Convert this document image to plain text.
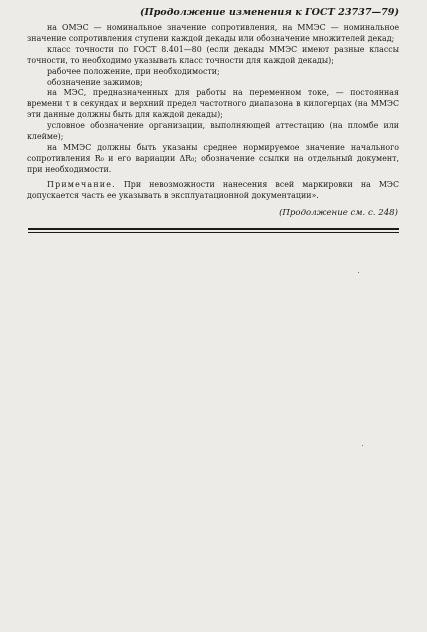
(Продолжение изменения к ГОСТ 23737—79)

на ОМЭС — номинальное значение сопротивления, на ММЭС — номинальное значение сопротивления ступени каждой декады или обозначение множителей декад;

класс точности по ГОСТ 8.401—80 (если декады ММЭС имеют разные классы точности, то необходимо указывать класс точности для каждой декады);

рабочее положение, при необходимости;

обозначение зажимов;

на МЭС, предназначенных для работы на переменном токе, — постоянная времени τ в секундах и верхний предел частотного диапазона в килогерцах (на ММЭС эти данные должны быть для каждой декады);

условное обозначение организации, выполняющей аттестацию (на пломбе или клейме);

на ММЭС должны быть указаны среднее нормируемое значение начального сопротивления R₀ и его вариации ΔR₀; обозначение ссылки на отдельный документ, при необходимости.

Примечание. При невозможности нанесения всей маркировки на МЭС допускается часть ее указывать в эксплуатационной документации».

(Продолжение см. с. 248)
